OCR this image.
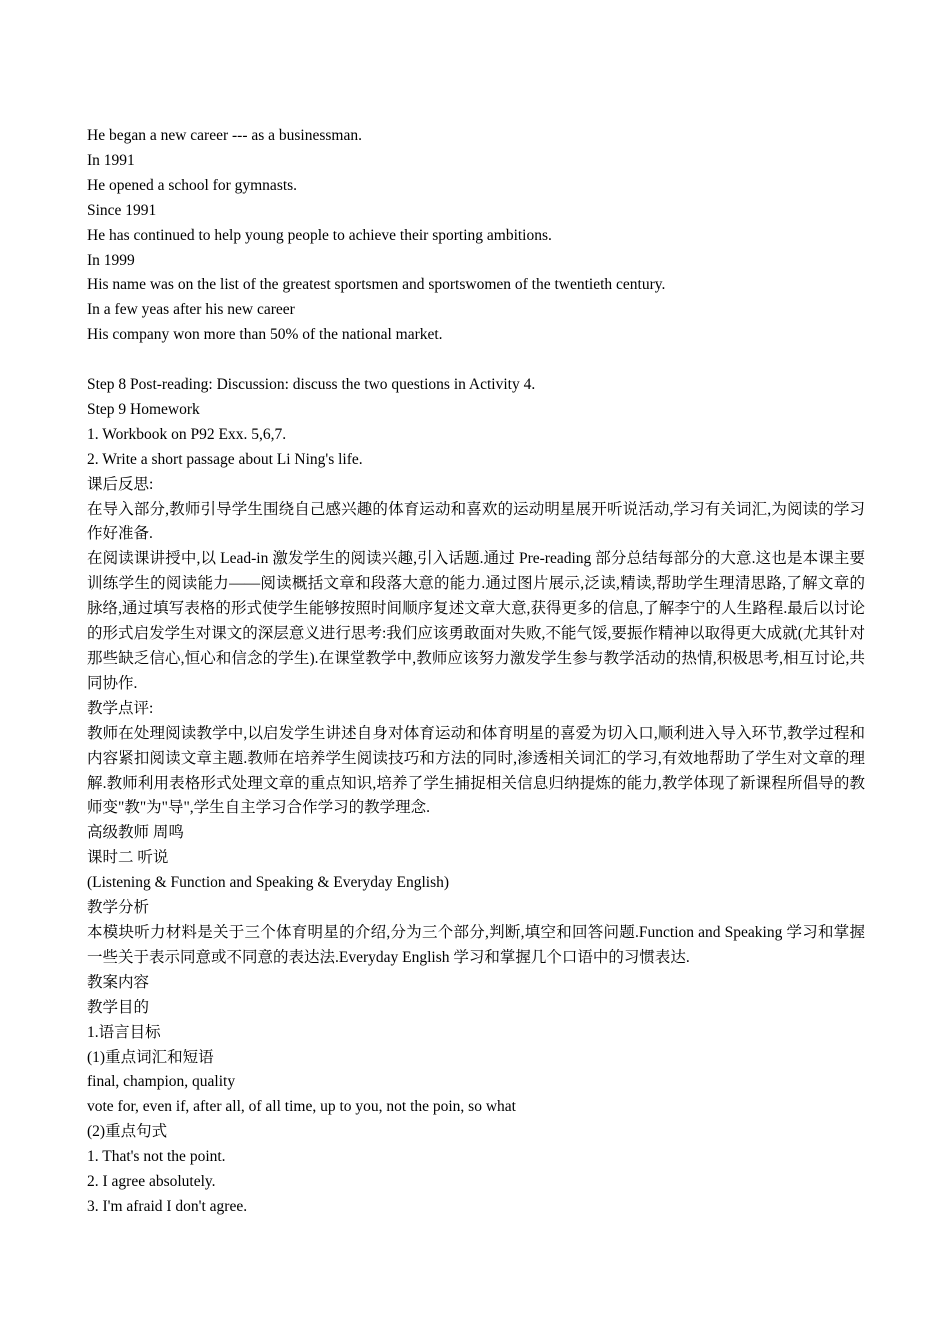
He began a new career --- as a businessman.
In 1991
He opened a school for gymnasts.
Since 1991
He has continued to help young people to achieve their sporting ambitions.
In 1999
His name was on the list of the greatest sportsmen and sportswomen of the twentieth century.
In a few yeas after his new career
His company won more than 50% of the national market.
Step 8 Post-reading: Discussion: discuss the two questions in Activity 4.
Step 9 Homework
1. Workbook on P92 Exx. 5,6,7.
2. Write a short passage about Li Ning's life.
课后反思:
在导入部分,教师引导学生围绕自己感兴趣的体育运动和喜欢的运动明星展开听说活动,学习有关词汇,为阅读的学习作好准备.
在阅读课讲授中,以 Lead-in 激发学生的阅读兴趣,引入话题.通过 Pre-reading 部分总结每部分的大意.这也是本课主要训练学生的阅读能力——阅读概括文章和段落大意的能力.通过图片展示,泛读,精读,帮助学生理清思路,了解文章的脉络,通过填写表格的形式使学生能够按照时间顺序复述文章大意,获得更多的信息,了解李宁的人生路程.最后以讨论的形式启发学生对课文的深层意义进行思考:我们应该勇敢面对失败,不能气馁,要振作精神以取得更大成就(尤其针对那些缺乏信心,恒心和信念的学生).在课堂教学中,教师应该努力激发学生参与教学活动的热情,积极思考,相互讨论,共同协作.
教学点评:
教师在处理阅读教学中,以启发学生讲述自身对体育运动和体育明星的喜爱为切入口,顺利进入导入环节,教学过程和内容紧扣阅读文章主题.教师在培养学生阅读技巧和方法的同时,渗透相关词汇的学习,有效地帮助了学生对文章的理解.教师利用表格形式处理文章的重点知识,培养了学生捕捉相关信息归纳提炼的能力,教学体现了新课程所倡导的教师变"教"为"导",学生自主学习合作学习的教学理念.
高级教师 周鸣
课时二 听说
(Listening & Function and Speaking & Everyday English)
教学分析
本模块听力材料是关于三个体育明星的介绍,分为三个部分,判断,填空和回答问题.Function and Speaking 学习和掌握一些关于表示同意或不同意的表达法.Everyday English 学习和掌握几个口语中的习惯表达.
教案内容
教学目的
1.语言目标
(1)重点词汇和短语
final, champion, quality
vote for, even if, after all, of all time, up to you, not the poin, so what
(2)重点句式
1. That's not the point.
2. I agree absolutely.
3. I'm afraid I don't agree.
